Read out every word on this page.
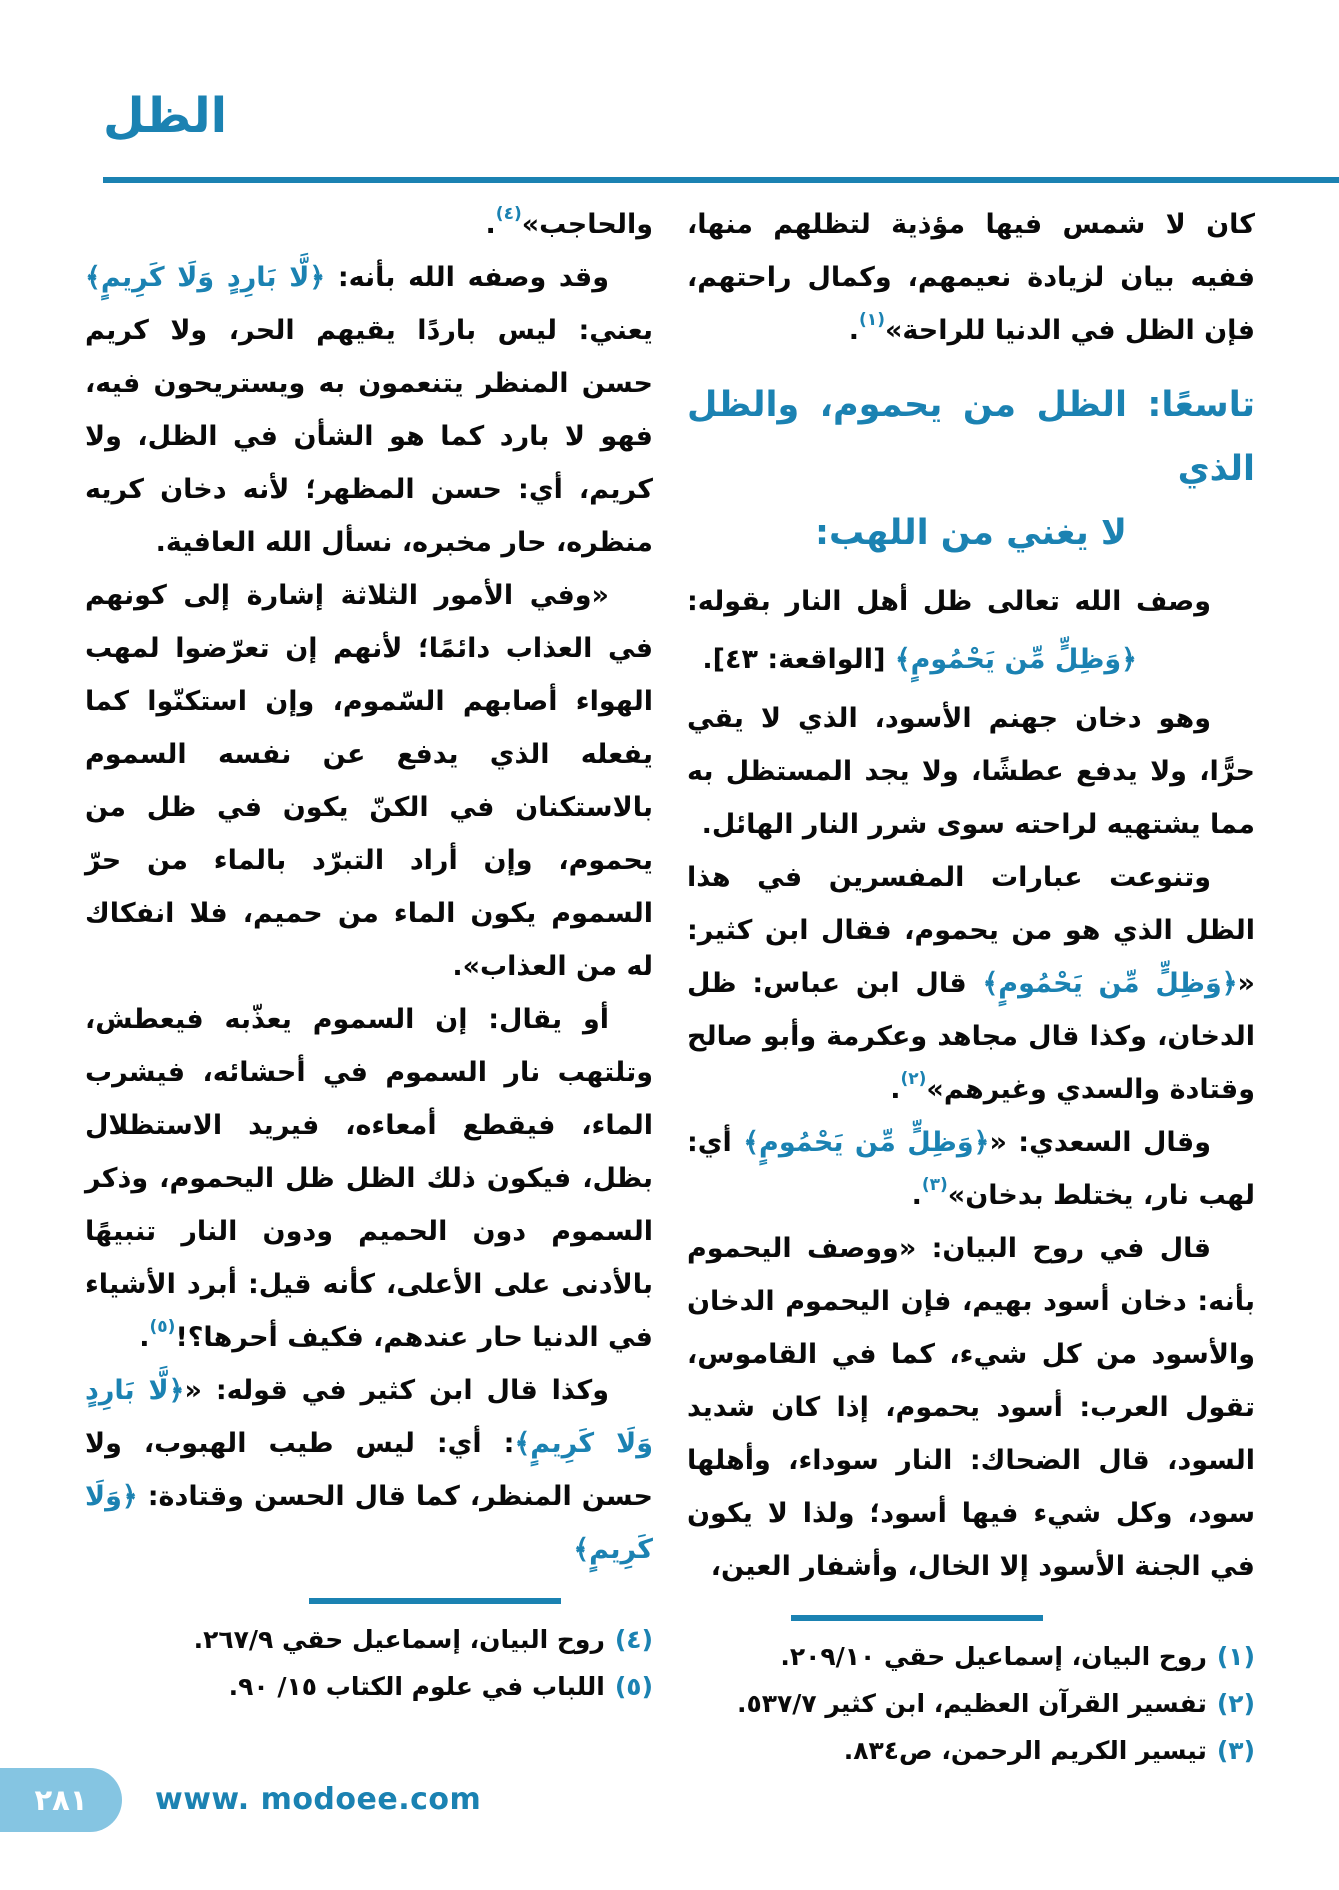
الظل

كان لا شمس فيها مؤذية لتظلهم منها، ففيه بيان لزيادة نعيمهم، وكمال راحتهم، فإن الظل في الدنيا للراحة»$^{(١)}$.

تاسعًا: الظل من يحموم، والظل الذي
لا يغني من اللهب:

وصف الله تعالى ظل أهل النار بقوله:

﴿وَظِلٍّ مِّن يَحْمُومٍ﴾ [الواقعة: ٤٣].

وهو دخان جهنم الأسود، الذي لا يقي حرًّا، ولا يدفع عطشًا، ولا يجد المستظل به مما يشتهيه لراحته سوى شرر النار الهائل.

وتنوعت عبارات المفسرين في هذا الظل الذي هو من يحموم، فقال ابن كثير: «﴿وَظِلٍّ مِّن يَحْمُومٍ﴾ قال ابن عباس: ظل الدخان، وكذا قال مجاهد وعكرمة وأبو صالح وقتادة والسدي وغيرهم»$^{(٢)}$.

وقال السعدي: «﴿وَظِلٍّ مِّن يَحْمُومٍ﴾ أي: لهب نار، يختلط بدخان»$^{(٣)}$.

قال في روح البيان: «ووصف اليحموم بأنه: دخان أسود بهيم، فإن اليحموم الدخان والأسود من كل شيء، كما في القاموس، تقول العرب: أسود يحموم، إذا كان شديد السود، قال الضحاك: النار سوداء، وأهلها سود، وكل شيء فيها أسود؛ ولذا لا يكون في الجنة الأسود إلا الخال، وأشفار العين،

(١)روح البيان، إسماعيل حقي ٢٠٩/١٠.

(٢)تفسير القرآن العظيم، ابن كثير ٥٣٧/٧.

(٣)تيسير الكريم الرحمن، ص٨٣٤.

والحاجب»$^{(٤)}$.

وقد وصفه الله بأنه: ﴿لَّا بَارِدٍ وَلَا كَرِيمٍ﴾ يعني: ليس باردًا يقيهم الحر، ولا كريم حسن المنظر يتنعمون به ويستريحون فيه، فهو لا بارد كما هو الشأن في الظل، ولا كريم، أي: حسن المظهر؛ لأنه دخان كريه منظره، حار مخبره، نسأل الله العافية.

«وفي الأمور الثلاثة إشارة إلى كونهم في العذاب دائمًا؛ لأنهم إن تعرّضوا لمهب الهواء أصابهم السّموم، وإن استكنّوا كما يفعله الذي يدفع عن نفسه السموم بالاستكنان في الكنّ يكون في ظل من يحموم، وإن أراد التبرّد بالماء من حرّ السموم يكون الماء من حميم، فلا انفكاك له من العذاب».

أو يقال: إن السموم يعذّبه فيعطش، وتلتهب نار السموم في أحشائه، فيشرب الماء، فيقطع أمعاءه، فيريد الاستظلال بظل، فيكون ذلك الظل ظل اليحموم، وذكر السموم دون الحميم ودون النار تنبيهًا بالأدنى على الأعلى، كأنه قيل: أبرد الأشياء في الدنيا حار عندهم، فكيف أحرها؟!$^{(٥)}$.

وكذا قال ابن كثير في قوله: «﴿لَّا بَارِدٍ وَلَا كَرِيمٍ﴾: أي: ليس طيب الهبوب، ولا حسن المنظر، كما قال الحسن وقتادة: ﴿وَلَا كَرِيمٍ﴾

(٤)روح البيان، إسماعيل حقي ٢٦٧/٩.

(٥)اللباب في علوم الكتاب ١٥/ ٩٠.

٢٨١ www. modoee.com
